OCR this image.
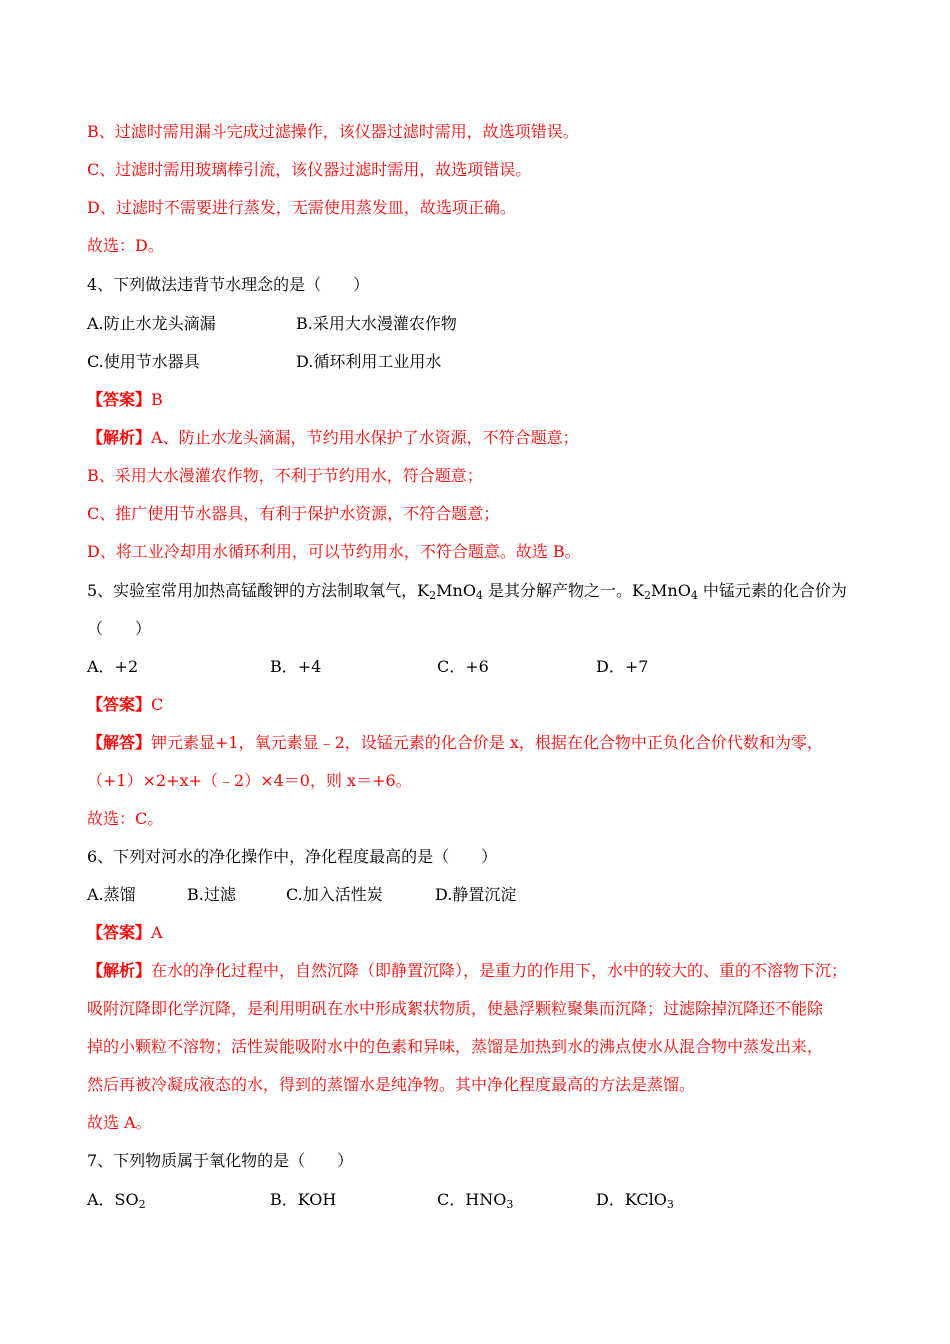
B、过滤时需用漏斗完成过滤操作，该仪器过滤时需用，故选项错误。
C、过滤时需用玻璃棒引流，该仪器过滤时需用，故选项错误。
D、过滤时不需要进行蒸发，无需使用蒸发皿，故选项正确。
故选：D。
4、下列做法违背节水理念的是（　　）
A.防止水龙头滴漏	B.采用大水漫灌农作物
C.使用节水器具	D.循环利用工业用水
【答案】B
【解析】A、防止水龙头滴漏，节约用水保护了水资源，不符合题意；
B、采用大水漫灌农作物，不利于节约用水，符合题意；
C、推广使用节水器具，有利于保护水资源，不符合题意；
D、将工业冷却用水循环利用，可以节约用水，不符合题意。故选 B。
5、实验室常用加热高锰酸钾的方法制取氧气，$K_2MnO_4$ 是其分解产物之一。$K_2MnO_4$ 中锰元素的化合价为
（　　）
A．+2	B．+4	C．+6	D．+7
【答案】C
【解答】钾元素显+1，氧元素显﹣2，设锰元素的化合价是 x，根据在化合物中正负化合价代数和为零，
（+1）×2+x+（﹣2）×4＝0，则 x＝+6。
故选：C。
6、下列对河水的净化操作中，净化程度最高的是（　　）
A.蒸馏	B.过滤	C.加入活性炭	D.静置沉淀
【答案】A
【解析】在水的净化过程中，自然沉降（即静置沉降），是重力的作用下，水中的较大的、重的不溶物下沉；
吸附沉降即化学沉降，是利用明矾在水中形成絮状物质，使悬浮颗粒聚集而沉降；过滤除掉沉降还不能除
掉的小颗粒不溶物；活性炭能吸附水中的色素和异味，蒸馏是加热到水的沸点使水从混合物中蒸发出来，
然后再被冷凝成液态的水，得到的蒸馏水是纯净物。其中净化程度最高的方法是蒸馏。
故选 A。
7、下列物质属于氧化物的是（　　）
A．$SO_2$	B．KOH	C．$HNO_3$	D．KClO$_3$
